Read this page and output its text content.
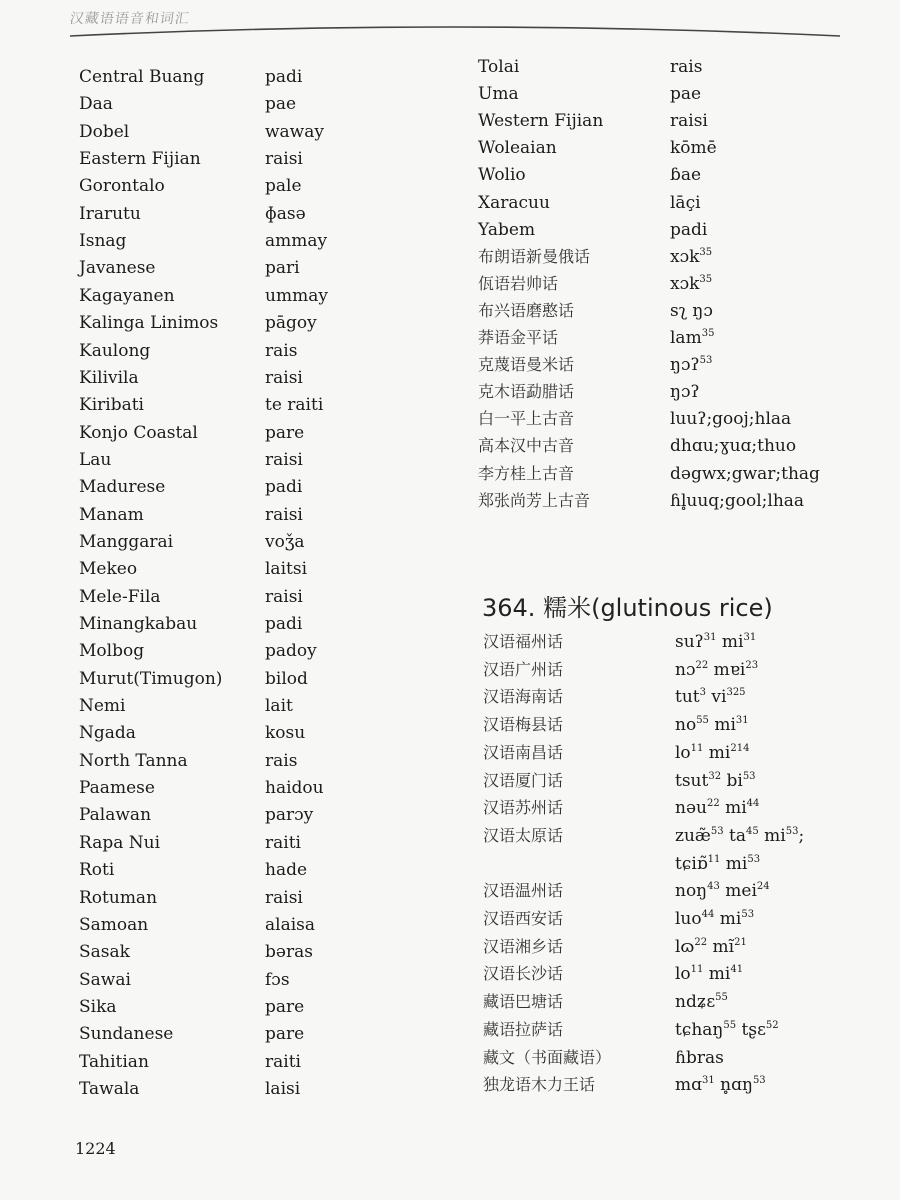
汉藏语语音和词汇
Central Buang	padi
Daa	pae
Dobel	waway
Eastern Fijian	raisi
Gorontalo	pale
Irarutu	ɸasə
Isnag	ammay
Javanese	pari
Kagayanen	ummay
Kalinga Linimos	pāgoy
Kaulong	rais
Kilivila	raisi
Kiribati	te raiti
Konjo Coastal	pare
Lau	raisi
Madurese	padi
Manam	raisi
Manggarai	voǯa
Mekeo	laitsi
Mele-Fila	raisi
Minangkabau	padi
Molbog	padoy
Murut(Timugon)	bilod
Nemi	lait
Ngada	kosu
North Tanna	rais
Paamese	haidou
Palawan	parɔy
Rapa Nui	raiti
Roti	hade
Rotuman	raisi
Samoan	alaisa
Sasak	bəras
Sawai	fɔs
Sika	pare
Sundanese	pare
Tahitian	raiti
Tawala	laisi
Tolai	rais
Uma	pae
Western Fijian	raisi
Woleaian	kōmē
Wolio	ɓae
Xaracuu	lāçi
Yabem	padi
布朗语新曼俄话	xɔk$^{35}$
佤语岩帅话	xɔk$^{35}$
布兴语磨憨话	sʅ ŋɔ
莽语金平话	lam$^{35}$
克蔑语曼米话	ŋɔʔ$^{53}$
克木语勐腊话	ŋɔʔ
白一平上古音	luuʔ;gooj;hlaa
高本汉中古音	dhɑu;ɣuɑ;thuo
李方桂上古音	dəgwx;gwar;thag
郑张尚芳上古音	ɦl̥uuq;gool;lhaa
364. 糯米(glutinous rice)
汉语福州话	suʔ$^{31}$ $mi^{31}$
汉语广州话	nɔ$^{22}$ mɐi$^{23}$
汉语海南话	tut$^3$ $vi^{325}$
汉语梅县话	$no^{55}$ $mi^{31}$
汉语南昌话	$lo^{11}$ $mi^{214}$
汉语厦门话	tsut$^{32}$ $bi^{53}$
汉语苏州话	nəu$^{22}$ $mi^{44}$
汉语太原话	zuæ̃$^{53}$ $ta^{45}$ $mi^{53}$;
tɕiɒ̃$^{11}$ $mi^{53}$
汉语温州话	noŋ$^{43}$ mei$^{24}$
汉语西安话	luo$^{44}$ $mi^{53}$
汉语湘乡话	lɷ$^{22}$ $mĩ^{21}$
汉语长沙话	$lo^{11}$ $mi^{41}$
藏语巴塘话	ndʑɛ$^{55}$
藏语拉萨话	tɕhaŋ$^{55}$ tʂɛ$^{52}$
藏文（书面藏语）	ɦbras
独龙语木力王话	mɑ$^{31}$ n̥ɑŋ$^{53}$
1224
